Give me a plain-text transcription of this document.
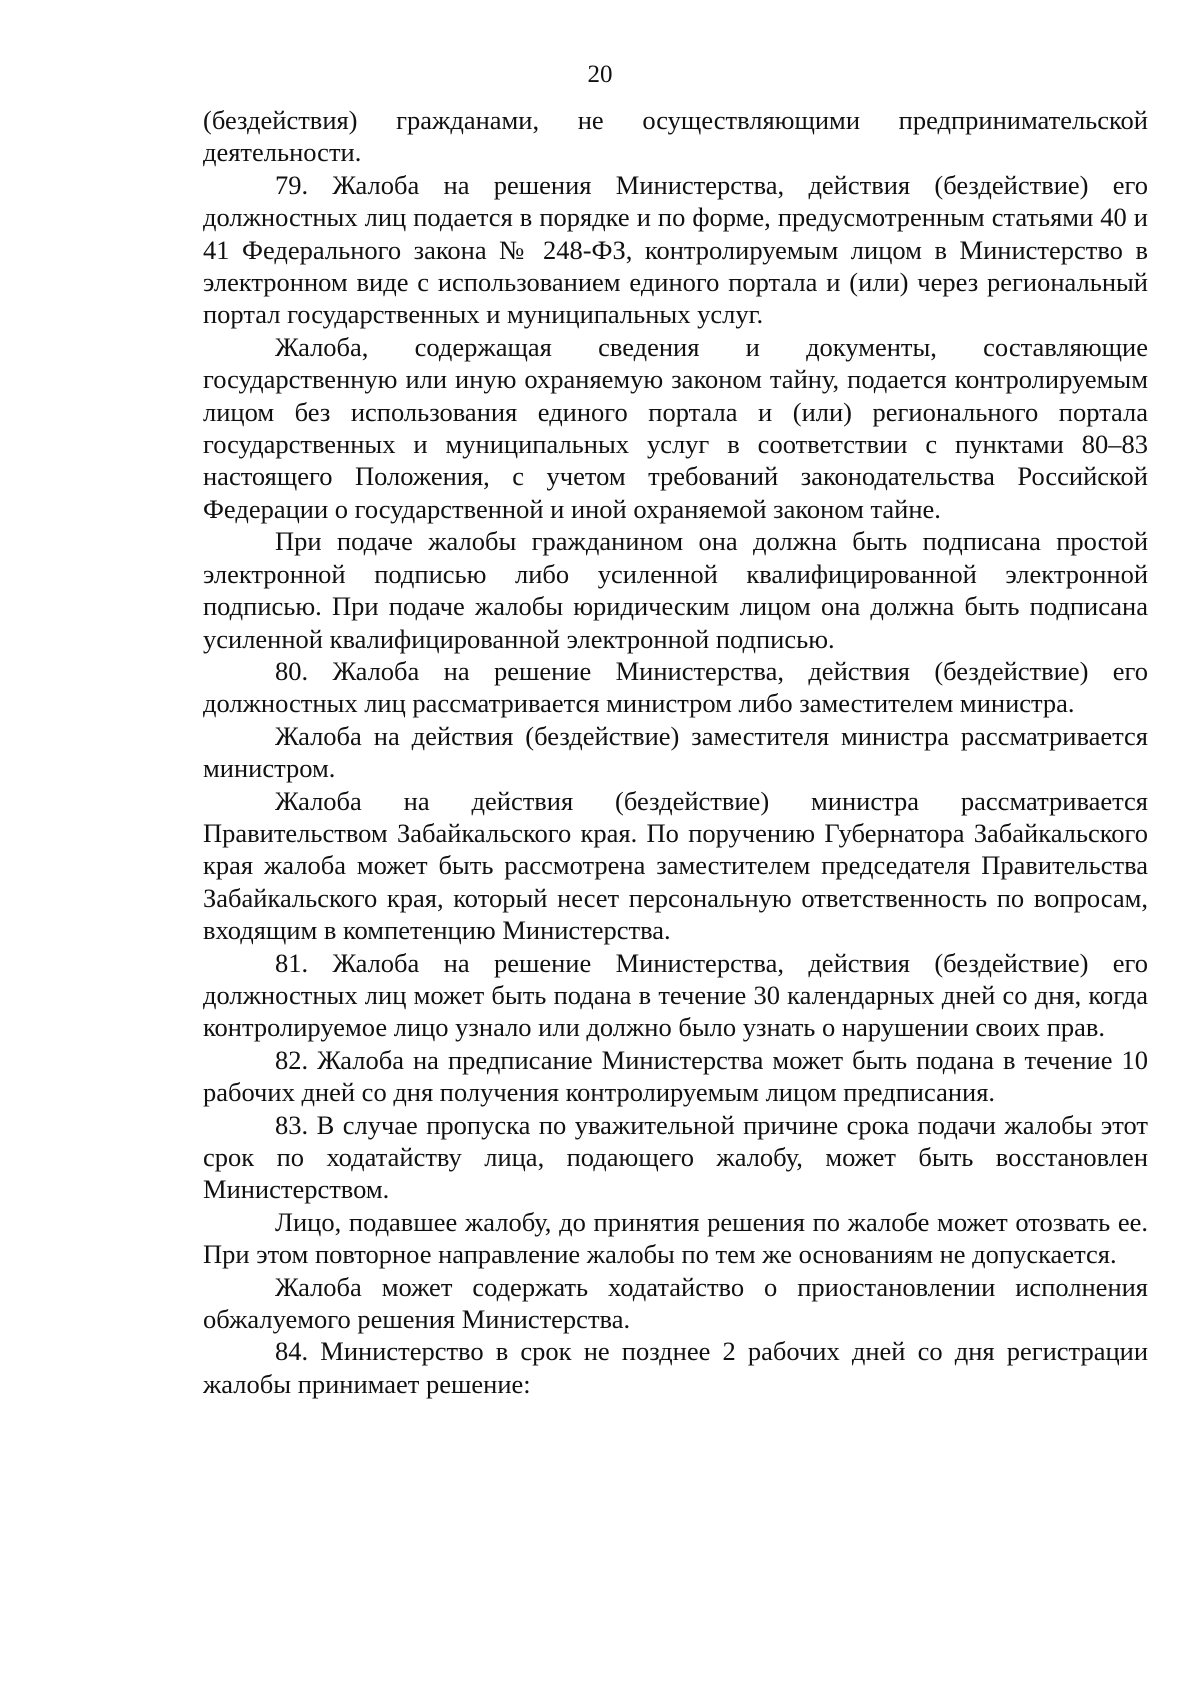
20

(бездействия) гражданами, не осуществляющими предпринимательской деятельности.

79. Жалоба на решения Министерства, действия (бездействие) его должностных лиц подается в порядке и по форме, предусмотренным статьями 40 и 41 Федерального закона № 248-ФЗ, контролируемым лицом в Министерство в электронном виде с использованием единого портала и (или) через региональный портал государственных и муниципальных услуг.

Жалоба, содержащая сведения и документы, составляющие государственную или иную охраняемую законом тайну, подается контролируемым лицом без использования единого портала и (или) регионального портала государственных и муниципальных услуг в соответствии с пунктами 80–83 настоящего Положения, с учетом требований законодательства Российской Федерации о государственной и иной охраняемой законом тайне.

При подаче жалобы гражданином она должна быть подписана простой электронной подписью либо усиленной квалифицированной электронной подписью. При подаче жалобы юридическим лицом она должна быть подписана усиленной квалифицированной электронной подписью.

80. Жалоба на решение Министерства, действия (бездействие) его должностных лиц рассматривается министром либо заместителем министра.

Жалоба на действия (бездействие) заместителя министра рассматривается министром.

Жалоба на действия (бездействие) министра рассматривается Правительством Забайкальского края. По поручению Губернатора Забайкальского края жалоба может быть рассмотрена заместителем председателя Правительства Забайкальского края, который несет персональную ответственность по вопросам, входящим в компетенцию Министерства.

81. Жалоба на решение Министерства, действия (бездействие) его должностных лиц может быть подана в течение 30 календарных дней со дня, когда контролируемое лицо узнало или должно было узнать о нарушении своих прав.

82. Жалоба на предписание Министерства может быть подана в течение 10 рабочих дней со дня получения контролируемым лицом предписания.

83. В случае пропуска по уважительной причине срока подачи жалобы этот срок по ходатайству лица, подающего жалобу, может быть восстановлен Министерством.

Лицо, подавшее жалобу, до принятия решения по жалобе может отозвать ее. При этом повторное направление жалобы по тем же основаниям не допускается.

Жалоба может содержать ходатайство о приостановлении исполнения обжалуемого решения Министерства.

84. Министерство в срок не позднее 2 рабочих дней со дня регистрации жалобы принимает решение:
